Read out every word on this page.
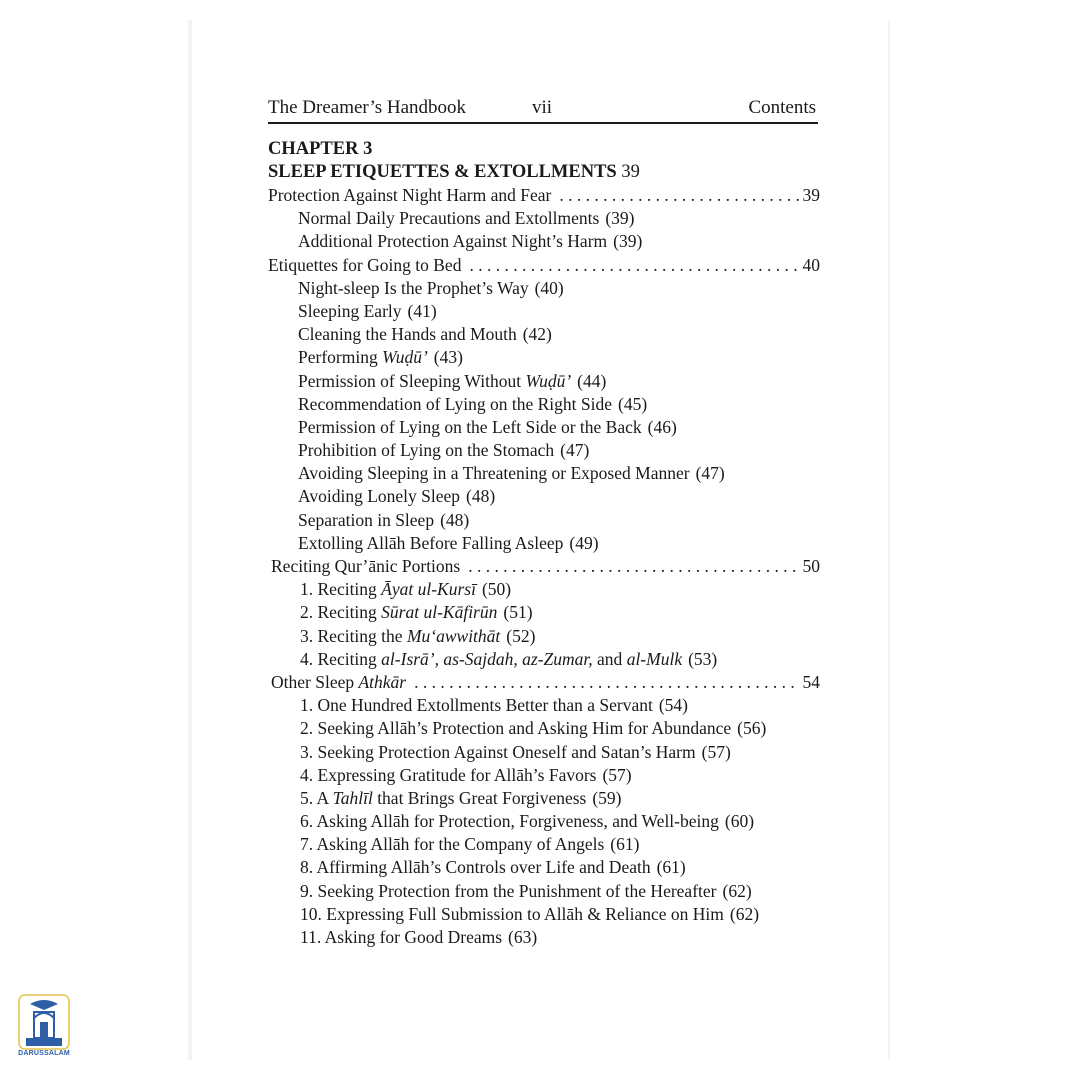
The Dreamer’s Handbook	vii	Contents
CHAPTER 3
SLEEP ETIQUETTES & EXTOLLMENTS 39
Protection Against Night Harm and Fear . . .	39
Normal Daily Precautions and Extollments (39)
Additional Protection Against Night’s Harm (39)
Etiquettes for Going to Bed . . .	40
Night-sleep Is the Prophet’s Way (40)
Sleeping Early (41)
Cleaning the Hands and Mouth (42)
Performing Wuḍū’ (43)
Permission of Sleeping Without Wuḍū’ (44)
Recommendation of Lying on the Right Side (45)
Permission of Lying on the Left Side or the Back (46)
Prohibition of Lying on the Stomach (47)
Avoiding Sleeping in a Threatening or Exposed Manner (47)
Avoiding Lonely Sleep (48)
Separation in Sleep (48)
Extolling Allāh Before Falling Asleep (49)
Reciting Qur’ānic Portions . . .	50
1. Reciting Āyat ul-Kursī (50)
2. Reciting Sūrat ul-Kāfirūn (51)
3. Reciting the Mu‘awwithāt (52)
4. Reciting al-Isrā’, as-Sajdah, az-Zumar, and al-Mulk (53)
Other Sleep Athkār . . .	54
1. One Hundred Extollments Better than a Servant (54)
2. Seeking Allāh’s Protection and Asking Him for Abundance (56)
3. Seeking Protection Against Oneself and Satan’s Harm (57)
4. Expressing Gratitude for Allāh’s Favors (57)
5. A Tahlīl that Brings Great Forgiveness (59)
6. Asking Allāh for Protection, Forgiveness, and Well-being (60)
7. Asking Allāh for the Company of Angels (61)
8. Affirming Allāh’s Controls over Life and Death (61)
9. Seeking Protection from the Punishment of the Hereafter (62)
10. Expressing Full Submission to Allāh & Reliance on Him (62)
11. Asking for Good Dreams (63)
DARUSSALAM
